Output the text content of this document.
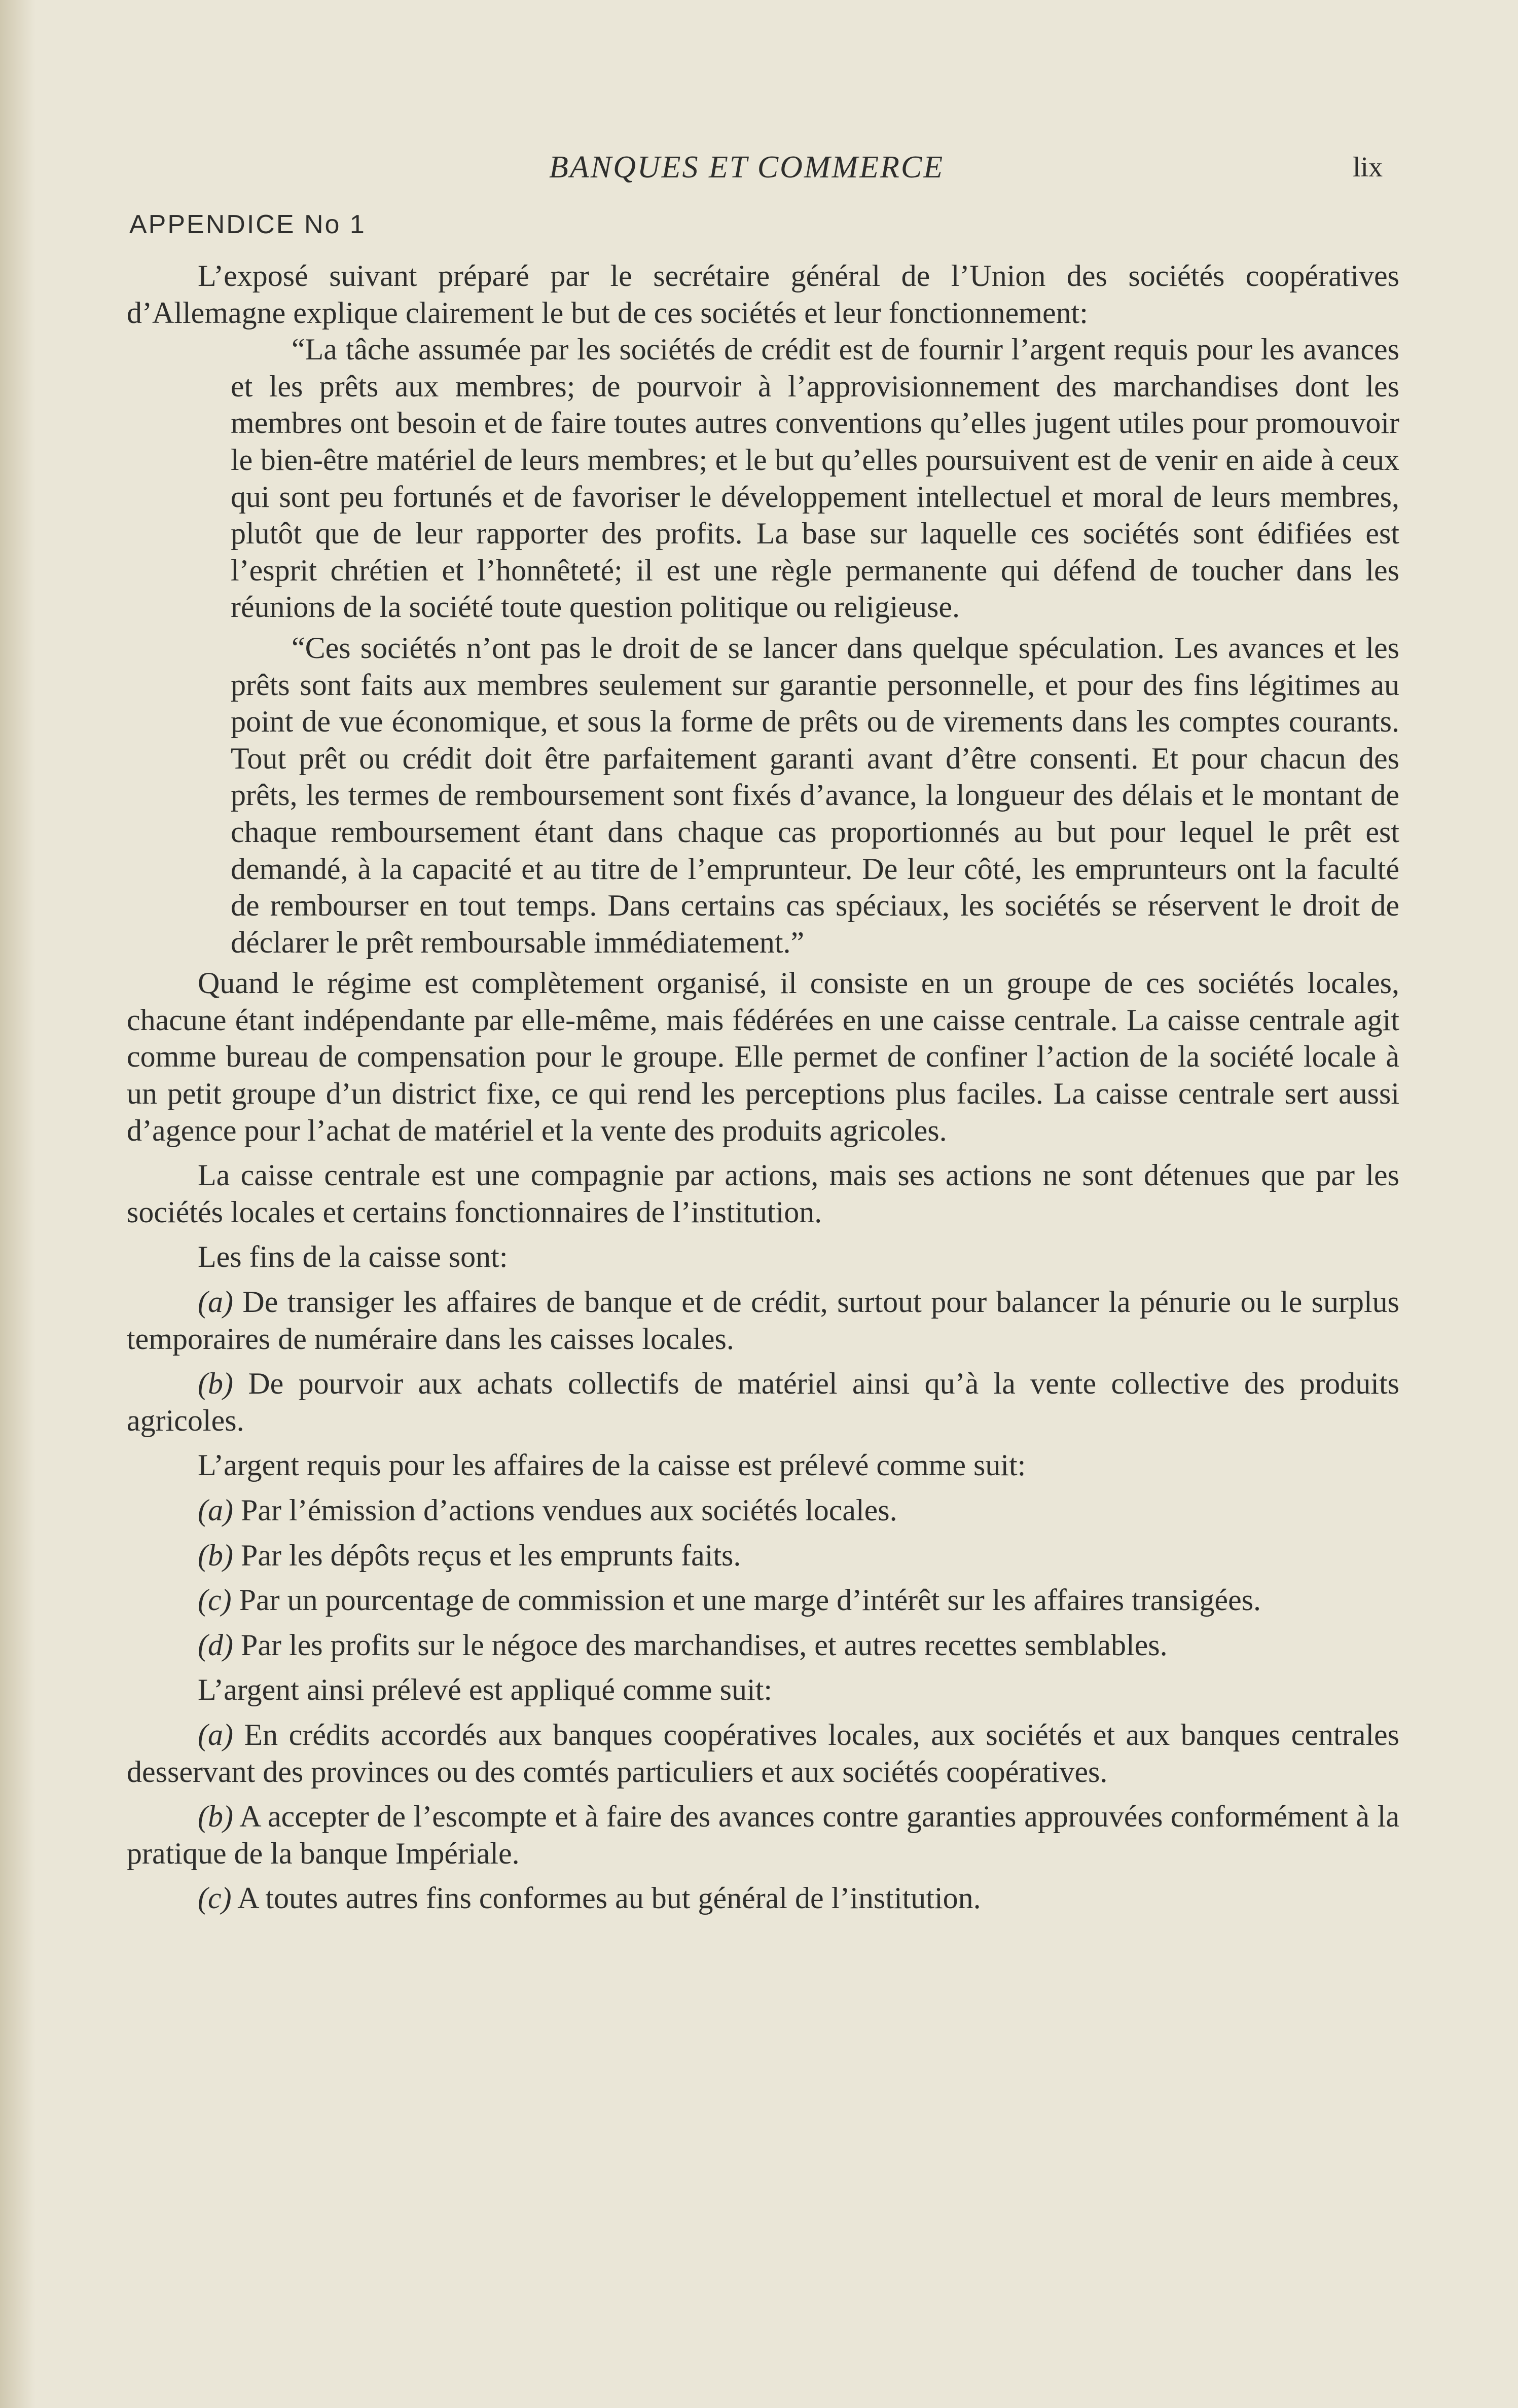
BANQUES ET COMMERCE	lix
APPENDICE No 1

L’exposé suivant préparé par le secrétaire général de l’Union des sociétés coopératives d’Allemagne explique clairement le but de ces sociétés et leur fonctionnement:

“La tâche assumée par les sociétés de crédit est de fournir l’argent requis pour les avances et les prêts aux membres; de pourvoir à l’approvisionnement des marchandises dont les membres ont besoin et de faire toutes autres conventions qu’elles jugent utiles pour promouvoir le bien-être matériel de leurs membres; et le but qu’elles poursuivent est de venir en aide à ceux qui sont peu fortunés et de favoriser le développement intellectuel et moral de leurs membres, plutôt que de leur rapporter des profits. La base sur laquelle ces sociétés sont édifiées est l’esprit chrétien et l’honnêteté; il est une règle permanente qui défend de toucher dans les réunions de la société toute question politique ou religieuse.

“Ces sociétés n’ont pas le droit de se lancer dans quelque spéculation. Les avances et les prêts sont faits aux membres seulement sur garantie personnelle, et pour des fins légitimes au point de vue économique, et sous la forme de prêts ou de virements dans les comptes courants. Tout prêt ou crédit doit être parfaitement garanti avant d’être consenti. Et pour chacun des prêts, les termes de remboursement sont fixés d’avance, la longueur des délais et le montant de chaque remboursement étant dans chaque cas proportionnés au but pour lequel le prêt est demandé, à la capacité et au titre de l’emprunteur. De leur côté, les emprunteurs ont la faculté de rembourser en tout temps. Dans certains cas spéciaux, les sociétés se réservent le droit de déclarer le prêt remboursable immédiatement.”

Quand le régime est complètement organisé, il consiste en un groupe de ces sociétés locales, chacune étant indépendante par elle-même, mais fédérées en une caisse centrale. La caisse centrale agit comme bureau de compensation pour le groupe. Elle permet de confiner l’action de la société locale à un petit groupe d’un district fixe, ce qui rend les perceptions plus faciles. La caisse centrale sert aussi d’agence pour l’achat de matériel et la vente des produits agricoles.

La caisse centrale est une compagnie par actions, mais ses actions ne sont détenues que par les sociétés locales et certains fonctionnaires de l’institution.

Les fins de la caisse sont:

(a) De transiger les affaires de banque et de crédit, surtout pour balancer la pénurie ou le surplus temporaires de numéraire dans les caisses locales.

(b) De pourvoir aux achats collectifs de matériel ainsi qu’à la vente collective des produits agricoles.

L’argent requis pour les affaires de la caisse est prélevé comme suit:

(a) Par l’émission d’actions vendues aux sociétés locales.

(b) Par les dépôts reçus et les emprunts faits.

(c) Par un pourcentage de commission et une marge d’intérêt sur les affaires transigées.

(d) Par les profits sur le négoce des marchandises, et autres recettes semblables.

L’argent ainsi prélevé est appliqué comme suit:

(a) En crédits accordés aux banques coopératives locales, aux sociétés et aux banques centrales desservant des provinces ou des comtés particuliers et aux sociétés coopératives.

(b) A accepter de l’escompte et à faire des avances contre garanties approuvées conformément à la pratique de la banque Impériale.

(c) A toutes autres fins conformes au but général de l’institution.
